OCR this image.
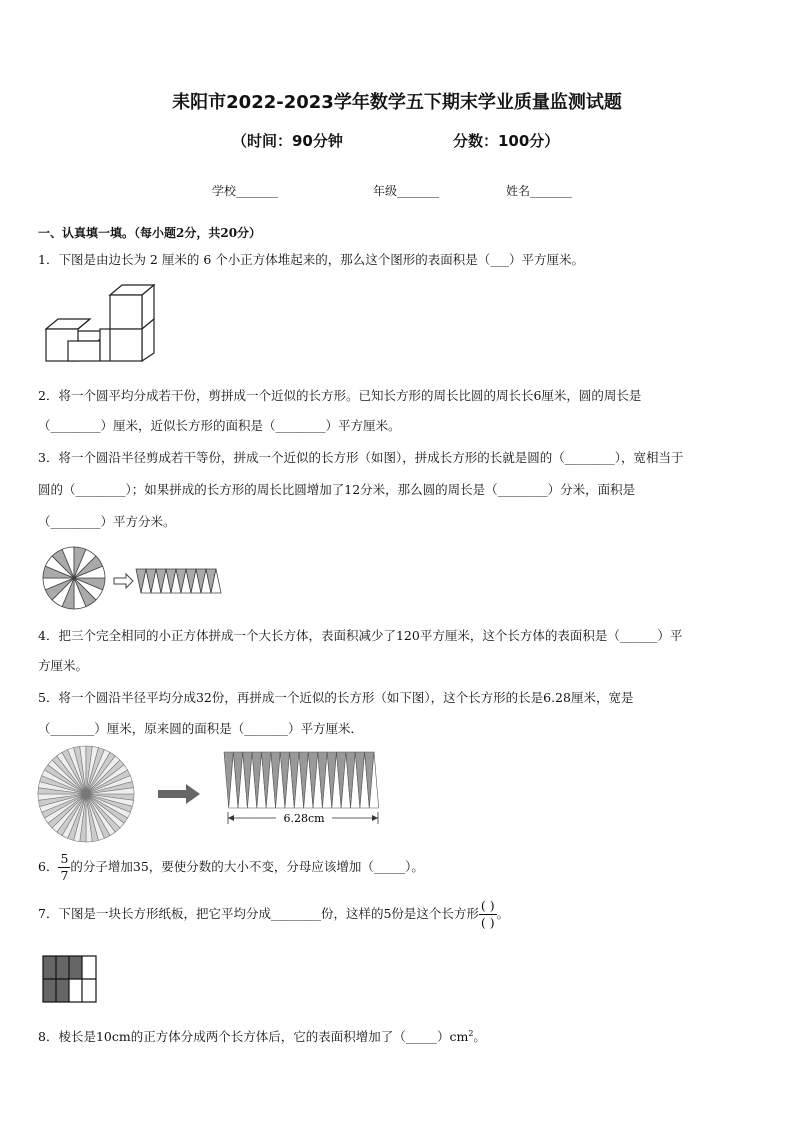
耒阳市2022-2023学年数学五下期末学业质量监测试题
（时间：90分钟	分数：100分）
学校_______	年级_______	姓名_______
一、认真填一填。（每小题2分，共20分）
1．下图是由边长为 2 厘米的 6 个小正方体堆起来的，那么这个图形的表面积是（___）平方厘米。
2．将一个圆平均分成若干份，剪拼成一个近似的长方形。已知长方形的周长比圆的周长长6厘米，圆的周长是
（________）厘米，近似长方形的面积是（________）平方厘米。
3．将一个圆沿半径剪成若干等份，拼成一个近似的长方形（如图），拼成长方形的长就是圆的（________），宽相当于
圆的（________）；如果拼成的长方形的周长比圆增加了12分米，那么圆的周长是（________）分米，面积是
（________）平方分米。
4．把三个完全相同的小正方体拼成一个大长方体，表面积减少了120平方厘米，这个长方体的表面积是（______）平
方厘米。
5．将一个圆沿半径平均分成32份，再拼成一个近似的长方形（如下图），这个长方形的长是6.28厘米，宽是
（_______）厘米，原来圆的面积是（_______）平方厘米．
6.28cm
6． $\frac{5}{7}$ 的分子增加35，要使分数的大小不变，分母应该增加（_____）。
7．下图是一块长方形纸板，把它平均分成________份，这样的5份是这个长方形 $\frac{( )}{( )}$ 。
8．棱长是10cm的正方体分成两个长方体后，它的表面积增加了$(\_\_\_\_\_)cm^2$。
